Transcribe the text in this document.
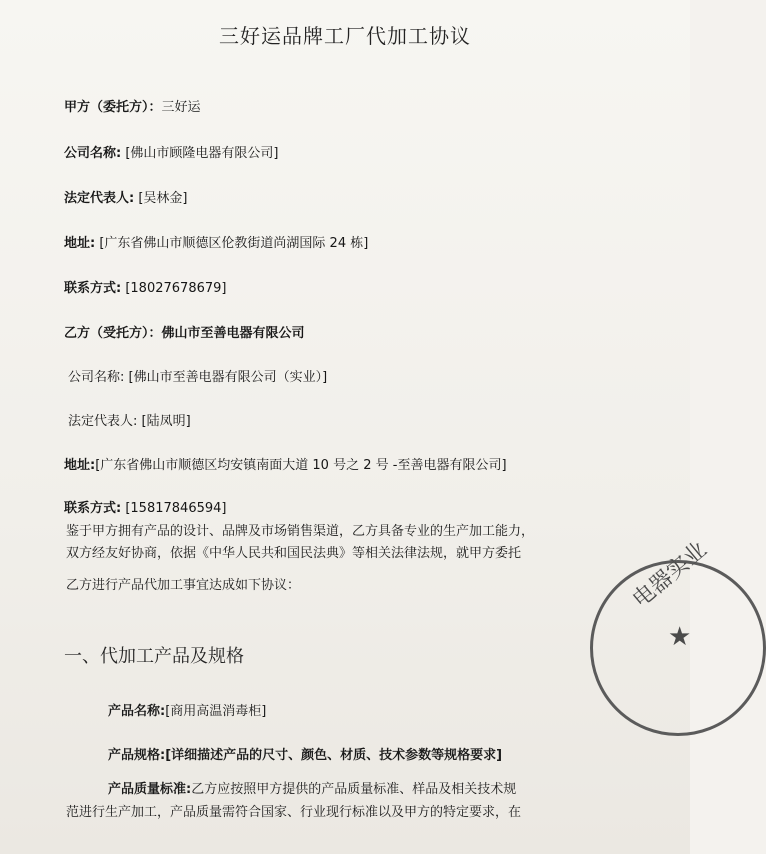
三好运品牌工厂代加工协议
甲方（委托方）：三好运
公司名称: [佛山市顾隆电器有限公司]
法定代表人: [吴林金]
地址: [广东省佛山市顺德区伦教街道尚湖国际 24 栋]
联系方式: [18027678679]
乙方（受托方）：佛山市至善电器有限公司
公司名称: [佛山市至善电器有限公司（实业）]
法定代表人: [陆凤明]
地址:[广东省佛山市顺德区均安镇南面大道 10 号之 2 号 -至善电器有限公司]
联系方式: [15817846594]
鉴于甲方拥有产品的设计、品牌及市场销售渠道，乙方具备专业的生产加工能力，
双方经友好协商，依据《中华人民共和国民法典》等相关法律法规，就甲方委托
乙方进行产品代加工事宜达成如下协议：
一、代加工产品及规格
产品名称:[商用高温消毒柜]
产品规格:[详细描述产品的尺寸、颜色、材质、技术参数等规格要求]
产品质量标准:乙方应按照甲方提供的产品质量标准、样品及相关技术规
范进行生产加工，产品质量需符合国家、行业现行标准以及甲方的特定要求，在
电器实业
★
